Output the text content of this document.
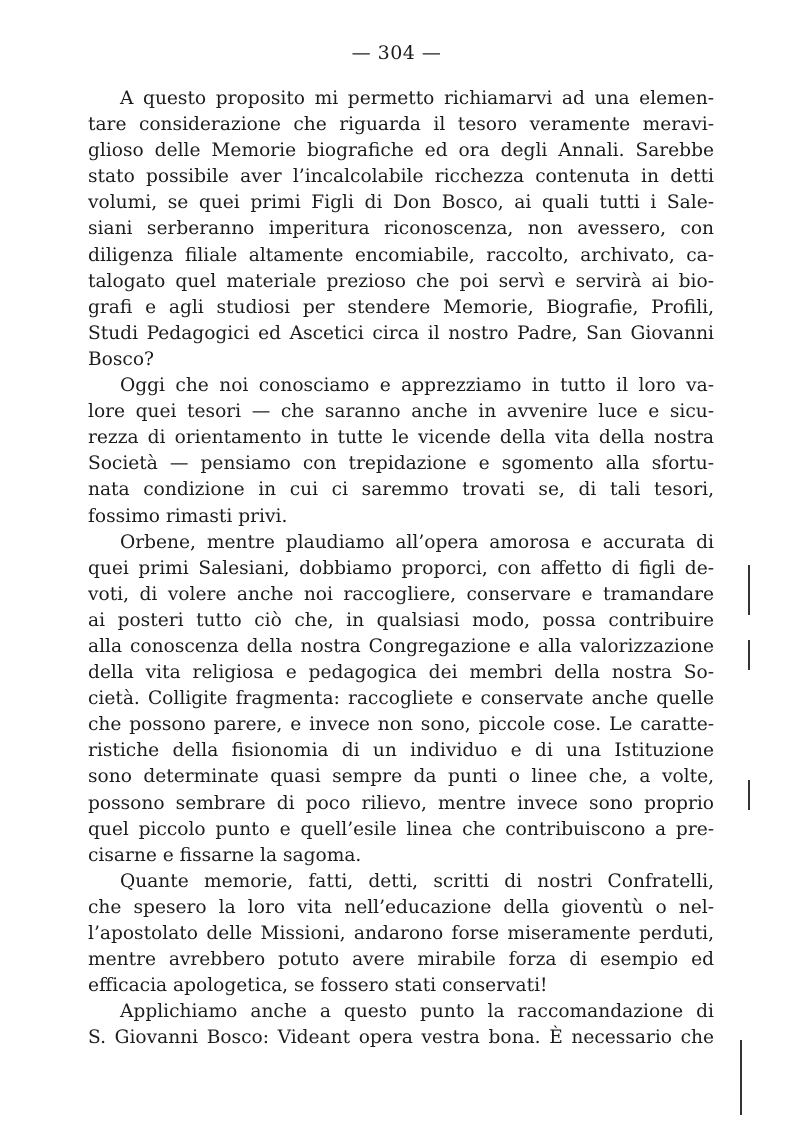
— 304 —
A questo proposito mi permetto richiamarvi ad una elemen-
tare considerazione che riguarda il tesoro veramente meravi-
glioso delle Memorie biografiche ed ora degli Annali. Sarebbe
stato possibile aver l’incalcolabile ricchezza contenuta in detti
volumi, se quei primi Figli di Don Bosco, ai quali tutti i Sale-
siani serberanno imperitura riconoscenza, non avessero, con
diligenza filiale altamente encomiabile, raccolto, archivato, ca-
talogato quel materiale prezioso che poi servì e servirà ai bio-
grafi e agli studiosi per stendere Memorie, Biografie, Profili,
Studi Pedagogici ed Ascetici circa il nostro Padre, San Giovanni
Bosco?
Oggi che noi conosciamo e apprezziamo in tutto il loro va-
lore quei tesori — che saranno anche in avvenire luce e sicu-
rezza di orientamento in tutte le vicende della vita della nostra
Società — pensiamo con trepidazione e sgomento alla sfortu-
nata condizione in cui ci saremmo trovati se, di tali tesori,
fossimo rimasti privi.
Orbene, mentre plaudiamo all’opera amorosa e accurata di
quei primi Salesiani, dobbiamo proporci, con affetto di figli de-
voti, di volere anche noi raccogliere, conservare e tramandare
ai posteri tutto ciò che, in qualsiasi modo, possa contribuire
alla conoscenza della nostra Congregazione e alla valorizzazione
della vita religiosa e pedagogica dei membri della nostra So-
cietà. Colligite fragmenta: raccogliete e conservate anche quelle
che possono parere, e invece non sono, piccole cose. Le caratte-
ristiche della fisionomia di un individuo e di una Istituzione
sono determinate quasi sempre da punti o linee che, a volte,
possono sembrare di poco rilievo, mentre invece sono proprio
quel piccolo punto e quell’esile linea che contribuiscono a pre-
cisarne e fissarne la sagoma.
Quante memorie, fatti, detti, scritti di nostri Confratelli,
che spesero la loro vita nell’educazione della gioventù o nel-
l’apostolato delle Missioni, andarono forse miseramente perduti,
mentre avrebbero potuto avere mirabile forza di esempio ed
efficacia apologetica, se fossero stati conservati!
Applichiamo anche a questo punto la raccomandazione di
S. Giovanni Bosco: Videant opera vestra bona. È necessario che
